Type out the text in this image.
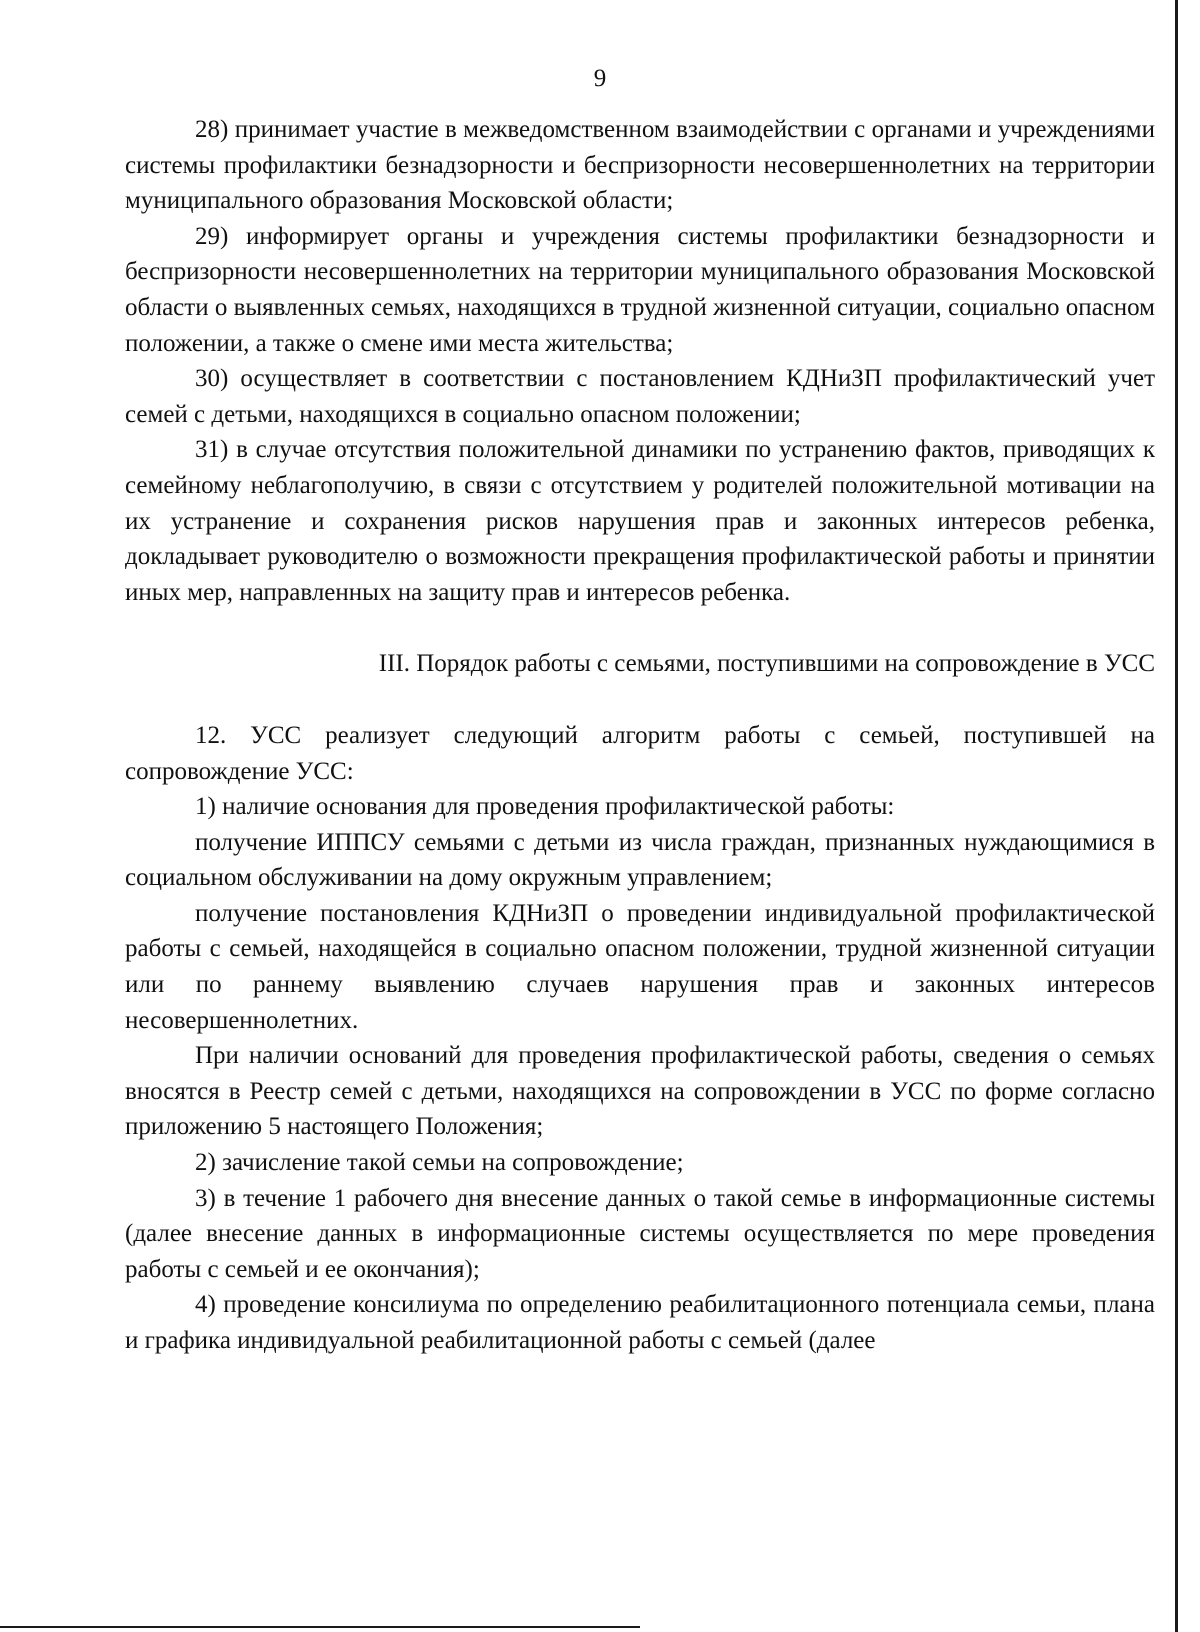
9

28) принимает участие в межведомственном взаимодействии с органами и учреждениями системы профилактики безнадзорности и беспризорности несовершеннолетних на территории муниципального образования Московской области;

29) информирует органы и учреждения системы профилактики безнадзорности и беспризорности несовершеннолетних на территории муниципального образования Московской области о выявленных семьях, находящихся в трудной жизненной ситуации, социально опасном положении, а также о смене ими места жительства;

30) осуществляет в соответствии с постановлением КДНиЗП профилактический учет семей с детьми, находящихся в социально опасном положении;

31) в случае отсутствия положительной динамики по устранению фактов, приводящих к семейному неблагополучию, в связи с отсутствием у родителей положительной мотивации на их устранение и сохранения рисков нарушения прав и законных интересов ребенка, докладывает руководителю о возможности прекращения профилактической работы и принятии иных мер, направленных на защиту прав и интересов ребенка.

III. Порядок работы с семьями, поступившими на сопровождение в УСС

12. УСС реализует следующий алгоритм работы с семьей, поступившей на сопровождение УСС:

1) наличие основания для проведения профилактической работы:

получение ИППСУ семьями с детьми из числа граждан, признанных нуждающимися в социальном обслуживании на дому окружным управлением;

получение постановления КДНиЗП о проведении индивидуальной профилактической работы с семьей, находящейся в социально опасном положении, трудной жизненной ситуации или по раннему выявлению случаев нарушения прав и законных интересов несовершеннолетних.

При наличии оснований для проведения профилактической работы, сведения о семьях вносятся в Реестр семей с детьми, находящихся на сопровождении в УСС по форме согласно приложению 5 настоящего Положения;

2) зачисление такой семьи на сопровождение;

3) в течение 1 рабочего дня внесение данных о такой семье в информационные системы (далее внесение данных в информационные системы осуществляется по мере проведения работы с семьей и ее окончания);

4) проведение консилиума по определению реабилитационного потенциала семьи, плана и графика индивидуальной реабилитационной работы с семьей (далее
